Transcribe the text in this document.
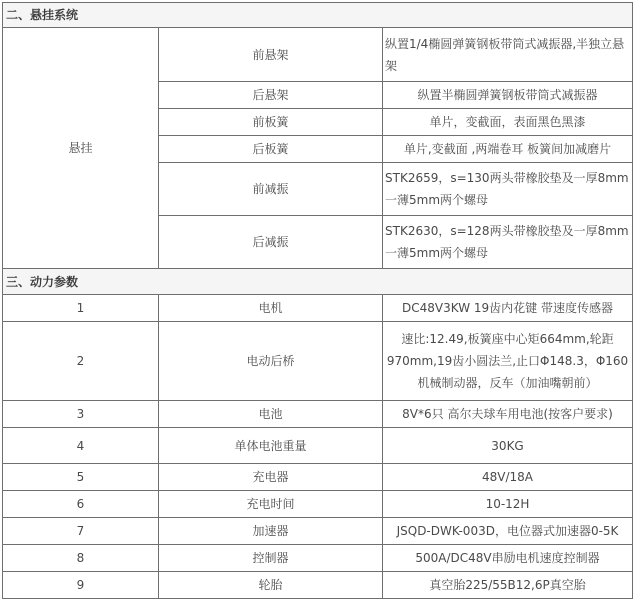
二、悬挂系统		
悬挂	前悬架	纵置1/4椭圆弹簧钢板带筒式减振器,半独立悬架
	后悬架	纵置半椭圆弹簧钢板带筒式减振器
	前板簧	单片，变截面，表面黑色黑漆
	后板簧	单片,变截面 ,两端卷耳 板簧间加减磨片
	前减振	STK2659，s=130两头带橡胶垫及一厚8mm一薄5mm两个螺母
	后减振	STK2630，s=128两头带橡胶垫及一厚8mm一薄5mm两个螺母
三、动力参数		
1	电机	DC48V3KW 19齿内花键 带速度传感器
2	电动后桥	速比:12.49,板簧座中心矩664mm,轮距970mm,19齿小圆法兰,止口Φ148.3，Φ160机械制动器，反车（加油嘴朝前）
3	电池	8V*6只 高尔夫球车用电池(按客户要求)
4	单体电池重量	30KG
5	充电器	48V/18A
6	充电时间	10-12H
7	加速器	JSQD-DWK-003D，电位器式加速器0-5K
8	控制器	500A/DC48V串励电机速度控制器
9	轮胎	真空胎225/55B12,6P真空胎
